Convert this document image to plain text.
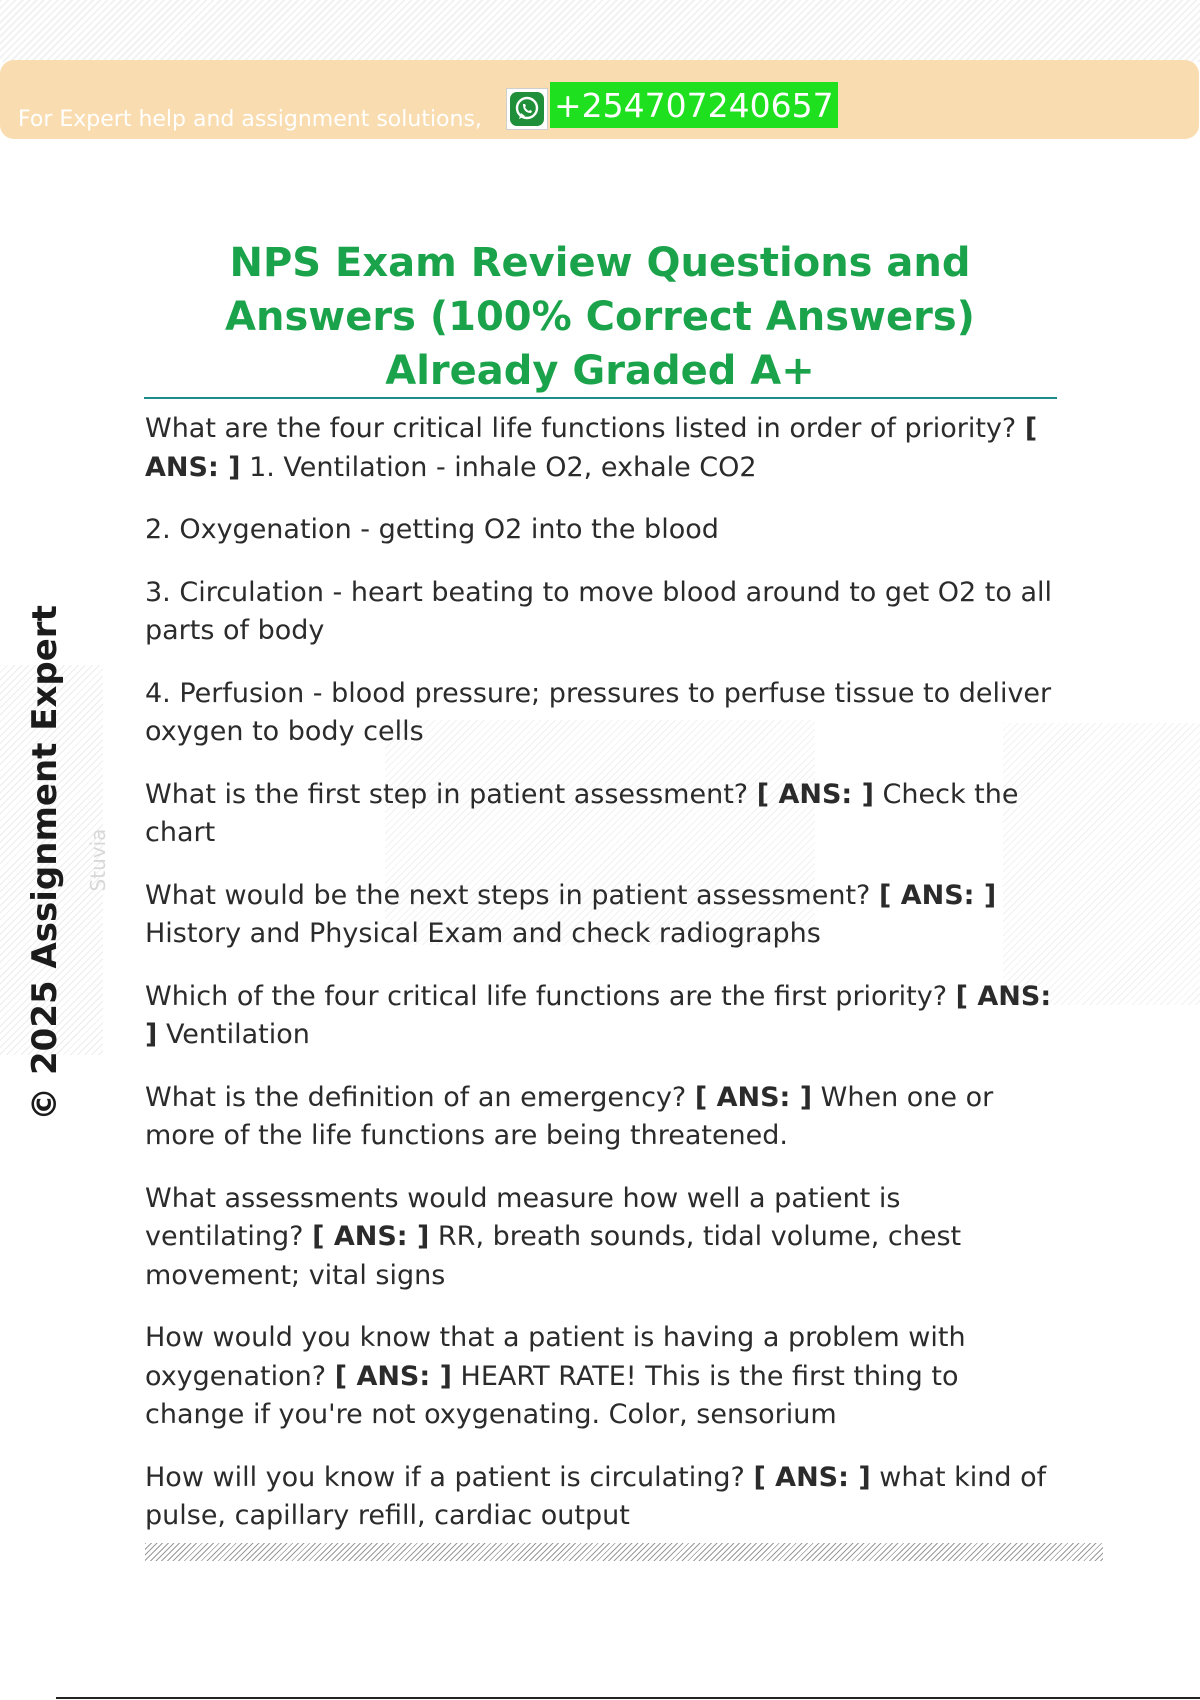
For Expert help and assignment solutions, +254707240657
Stuvia
© 2025 Assignment Expert
NPS Exam Review Questions and Answers (100% Correct Answers) Already Graded A+

What are the four critical life functions listed in order of priority? [ ANS: ] 1. Ventilation - inhale O2, exhale CO2

2. Oxygenation - getting O2 into the blood

3. Circulation - heart beating to move blood around to get O2 to all parts of body

4. Perfusion - blood pressure; pressures to perfuse tissue to deliver oxygen to body cells

What is the first step in patient assessment? [ ANS: ] Check the chart

What would be the next steps in patient assessment? [ ANS: ] History and Physical Exam and check radiographs

Which of the four critical life functions are the first priority? [ ANS: ] Ventilation

What is the definition of an emergency? [ ANS: ] When one or more of the life functions are being threatened.

What assessments would measure how well a patient is ventilating? [ ANS: ] RR, breath sounds, tidal volume, chest movement; vital signs

How would you know that a patient is having a problem with oxygenation? [ ANS: ] HEART RATE! This is the first thing to change if you're not oxygenating. Color, sensorium

How will you know if a patient is circulating? [ ANS: ] what kind of pulse, capillary refill, cardiac output
